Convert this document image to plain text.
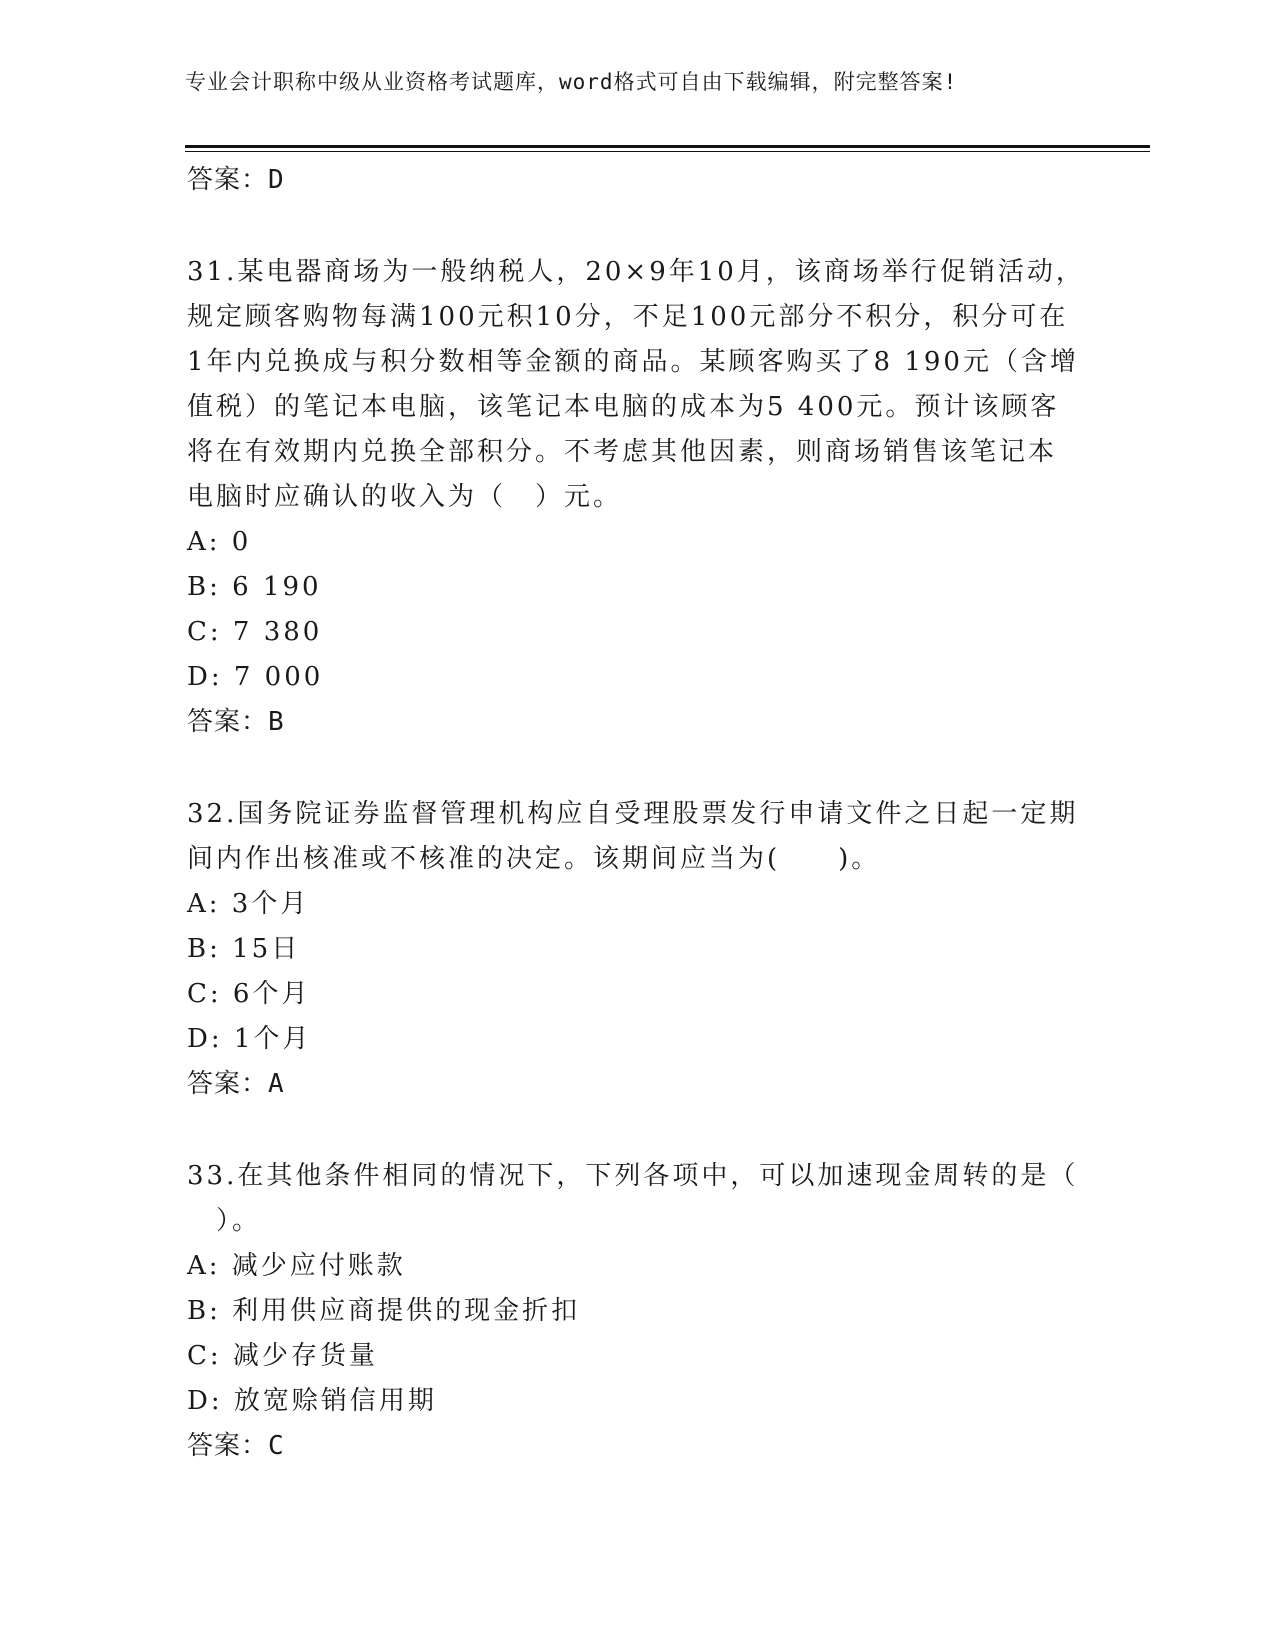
专业会计职称中级从业资格考试题库，word格式可自由下载编辑，附完整答案!
答案：D
31.某电器商场为一般纳税人，20×9年10月，该商场举行促销活动，
规定顾客购物每满100元积10分，不足100元部分不积分，积分可在
1年内兑换成与积分数相等金额的商品。某顾客购买了8 190元（含增
值税）的笔记本电脑，该笔记本电脑的成本为5 400元。预计该顾客
将在有效期内兑换全部积分。不考虑其他因素，则商场销售该笔记本
电脑时应确认的收入为（　）元。
A: 0
B: 6 190
C: 7 380
D: 7 000
答案：B
32.国务院证券监督管理机构应自受理股票发行申请文件之日起一定期
间内作出核准或不核准的决定。该期间应当为(　　)。
A: 3个月
B: 15日
C: 6个月
D: 1个月
答案：A
33.在其他条件相同的情况下，下列各项中，可以加速现金周转的是（
　）。
A: 减少应付账款
B: 利用供应商提供的现金折扣
C: 减少存货量
D: 放宽赊销信用期
答案：C
